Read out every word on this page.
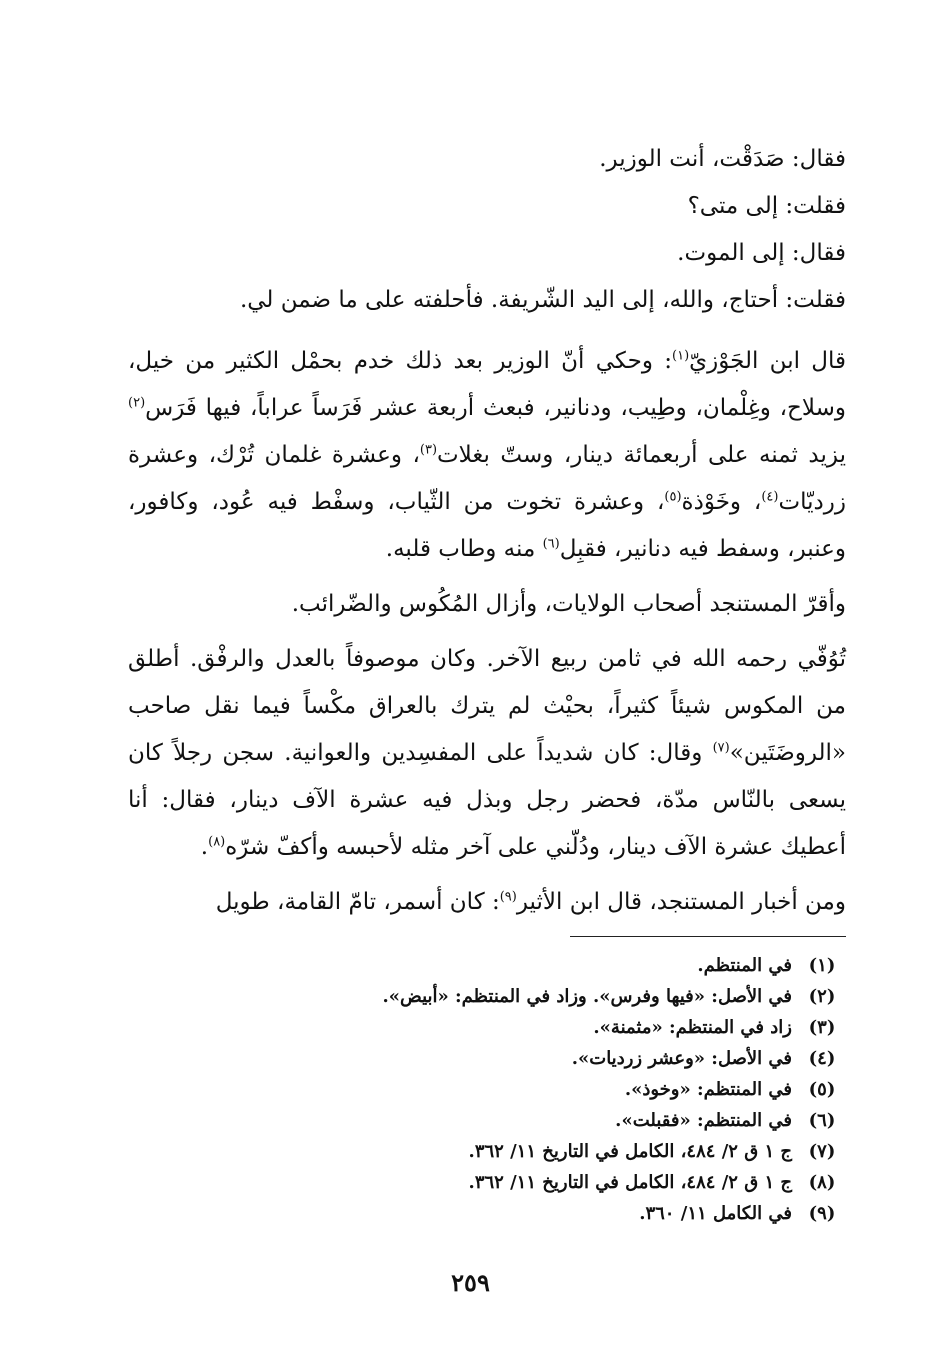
فقال: صَدَقْت، أنت الوزير.

فقلت: إلى متى؟

فقال: إلى الموت.

فقلت: أحتاج، والله، إلى اليد الشّريفة. فأحلفته على ما ضمن لي.

قال ابن الجَوْزيّ$^{(١)}$: وحكي أنّ الوزير بعد ذلك خدم بحمْل الكثير من خيل، وسلاح، وغِلْمان، وطِيب، ودنانير، فبعث أربعة عشر فَرَساً عراباً، فيها فَرَس$^{(٢)}$ يزيد ثمنه على أربعمائة دينار، وستّ بغلات$^{(٣)}$، وعشرة غلمان تُرْك، وعشرة زرديّات$^{(٤)}$، وخَوْذة$^{(٥)}$، وعشرة تخوت من الثّياب، وسفْط فيه عُود، وكافور، وعنبر، وسفط فيه دنانير، فقبِل$^{(٦)}$ منه وطاب قلبه.

وأقرّ المستنجد أصحاب الولايات، وأزال المُكُوس والضّرائب.

تُوُفّي رحمه الله في ثامن ربيع الآخر. وكان موصوفاً بالعدل والرفْق. أطلق من المكوس شيئاً كثيراً، بحيْث لم يترك بالعراق مكْساً فيما نقل صاحب «الروضَتَين»$^{(٧)}$ وقال: كان شديداً على المفسِدين والعوانية. سجن رجلاً كان يسعى بالنّاس مدّة، فحضر رجل وبذل فيه عشرة الآف دينار، فقال: أنا أعطيك عشرة الآف دينار، ودُلّني على آخر مثله لأحبسه وأكفّ شرّه$^{(٨)}$.

ومن أخبار المستنجد، قال ابن الأثير$^{(٩)}$: كان أسمر، تامّ القامة، طويل

(١)
في المنتظم.
(٢)
في الأصل: «فيها وفرس». وزاد في المنتظم: «أبيض».
(٣)
زاد في المنتظم: «مثمنة».
(٤)
في الأصل: «وعشر زرديات».
(٥)
في المنتظم: «وخوذ».
(٦)
في المنتظم: «فقبلت».
(٧)
ج ١ ق ٢/ ٤٨٤، الكامل في التاريخ ١١/ ٣٦٢.
(٨)
ج ١ ق ٢/ ٤٨٤، الكامل في التاريخ ١١/ ٣٦٢.
(٩)
في الكامل ١١/ ٣٦٠.
٢٥٩
